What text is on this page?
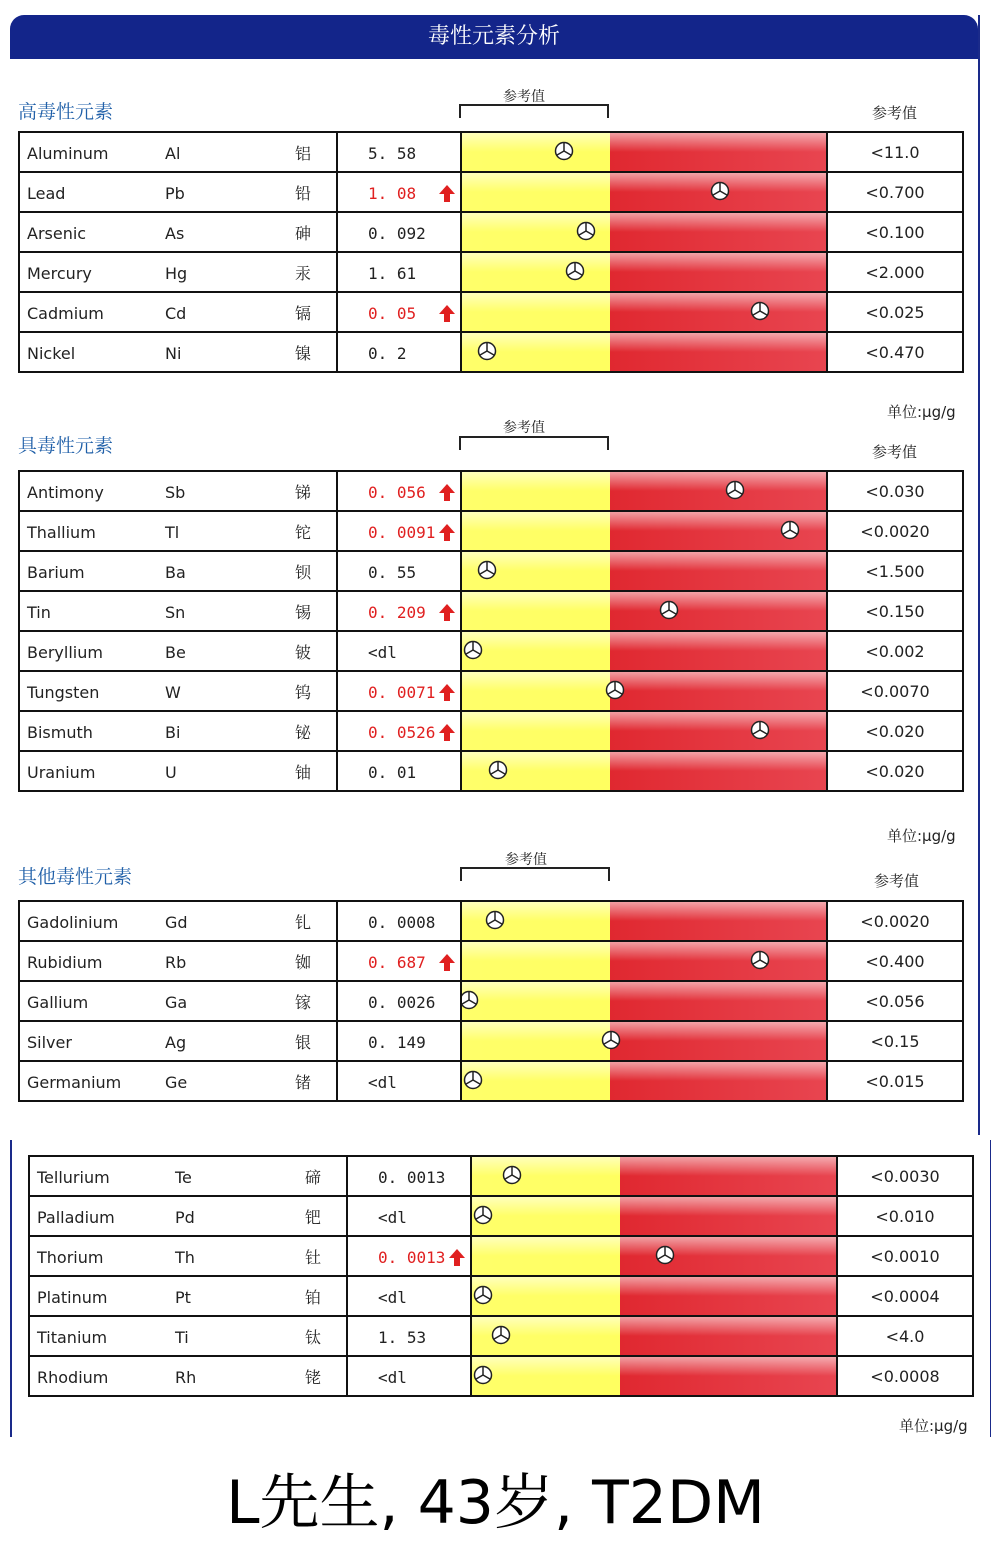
毒性元素分析
高毒性元素
参考值
参考值
Aluminum Al 铝	5. 58		<11.0
Lead Pb 铅	1. 08		<0.700
Arsenic As 砷	0. 092		<0.100
Mercury Hg 汞	1. 61		<2.000
Cadmium Cd 镉	0. 05		<0.025
Nickel Ni 镍	0. 2		<0.470
单位:μg/g
具毒性元素
参考值
参考值
Antimony Sb 锑	0. 056		<0.030
Thallium Tl 铊	0. 0091		<0.0020
Barium Ba 钡	0. 55		<1.500
Tin Sn 锡	0. 209		<0.150
Beryllium Be 铍	<dl		<0.002
Tungsten W 钨	0. 0071		<0.0070
Bismuth Bi 铋	0. 0526		<0.020
Uranium U 铀	0. 01		<0.020
单位:μg/g
其他毒性元素
参考值
参考值
Gadolinium Gd 钆	0. 0008		<0.0020
Rubidium Rb 铷	0. 687		<0.400
Gallium Ga 镓	0. 0026		<0.056
Silver Ag 银	0. 149		<0.15
Germanium Ge 锗	<dl		<0.015
Tellurium Te 碲	0. 0013		<0.0030
Palladium Pd 钯	<dl		<0.010
Thorium Th 钍	0. 0013		<0.0010
Platinum Pt 铂	<dl		<0.0004
Titanium Ti 钛	1. 53		<4.0
Rhodium Rh 铑	<dl		<0.0008
单位:μg/g
L先生, 43岁, T2DM
